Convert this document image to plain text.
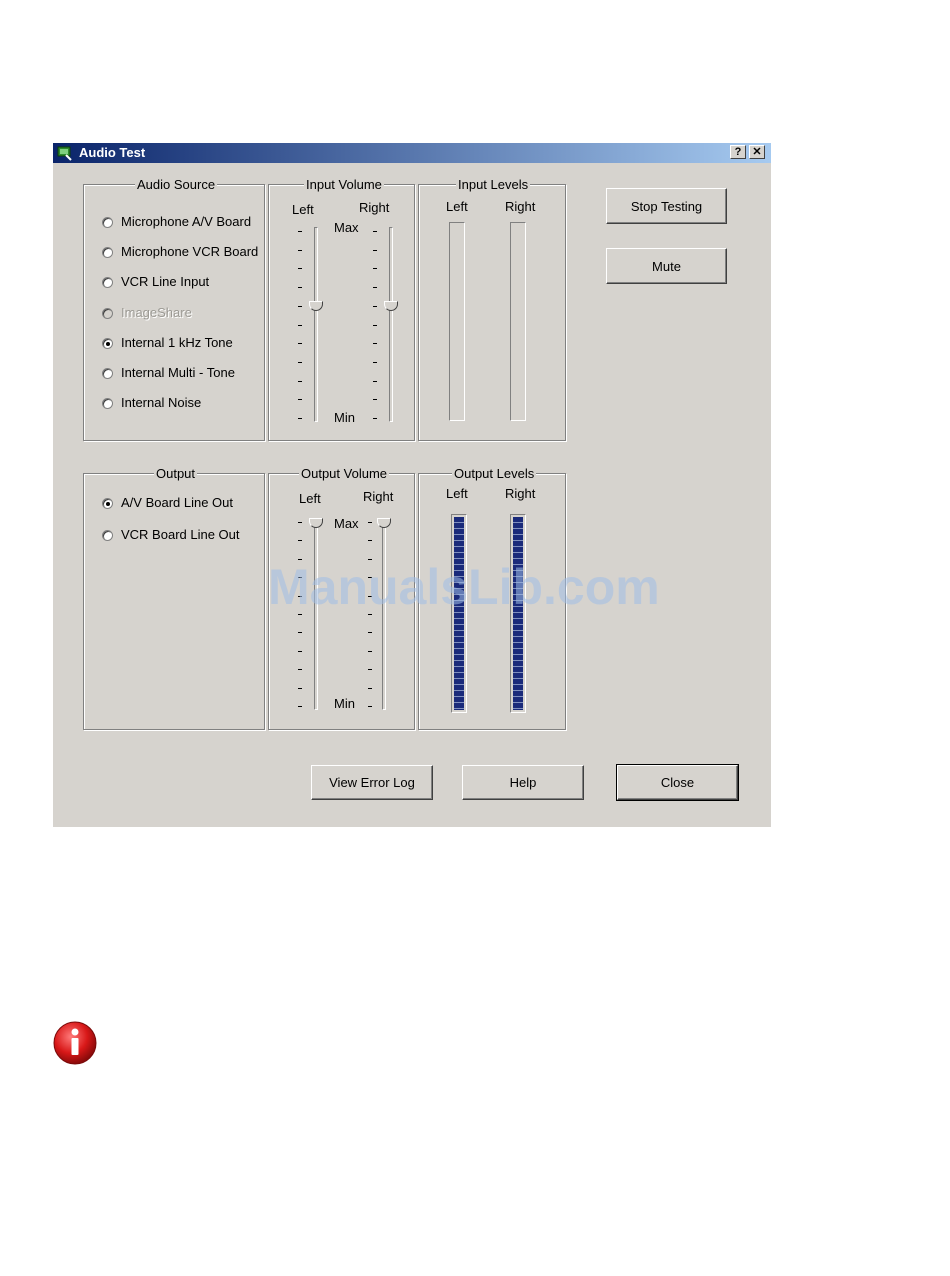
Audio Test	?	✕
Audio Source
Microphone A/V Board
Microphone VCR Board
VCR Line Input
ImageShare
Internal 1 kHz Tone
Internal Multi - Tone
Internal Noise
Input Volume
Left	Right
Max
Min
Input Levels
Left	Right
Output
A/V Board Line Out
VCR Board Line Out
Output Volume
Left	Right
Max
Min
Output Levels
Left	Right
Stop Testing
Mute
View Error Log	Help	Close
ManualsLib.com
